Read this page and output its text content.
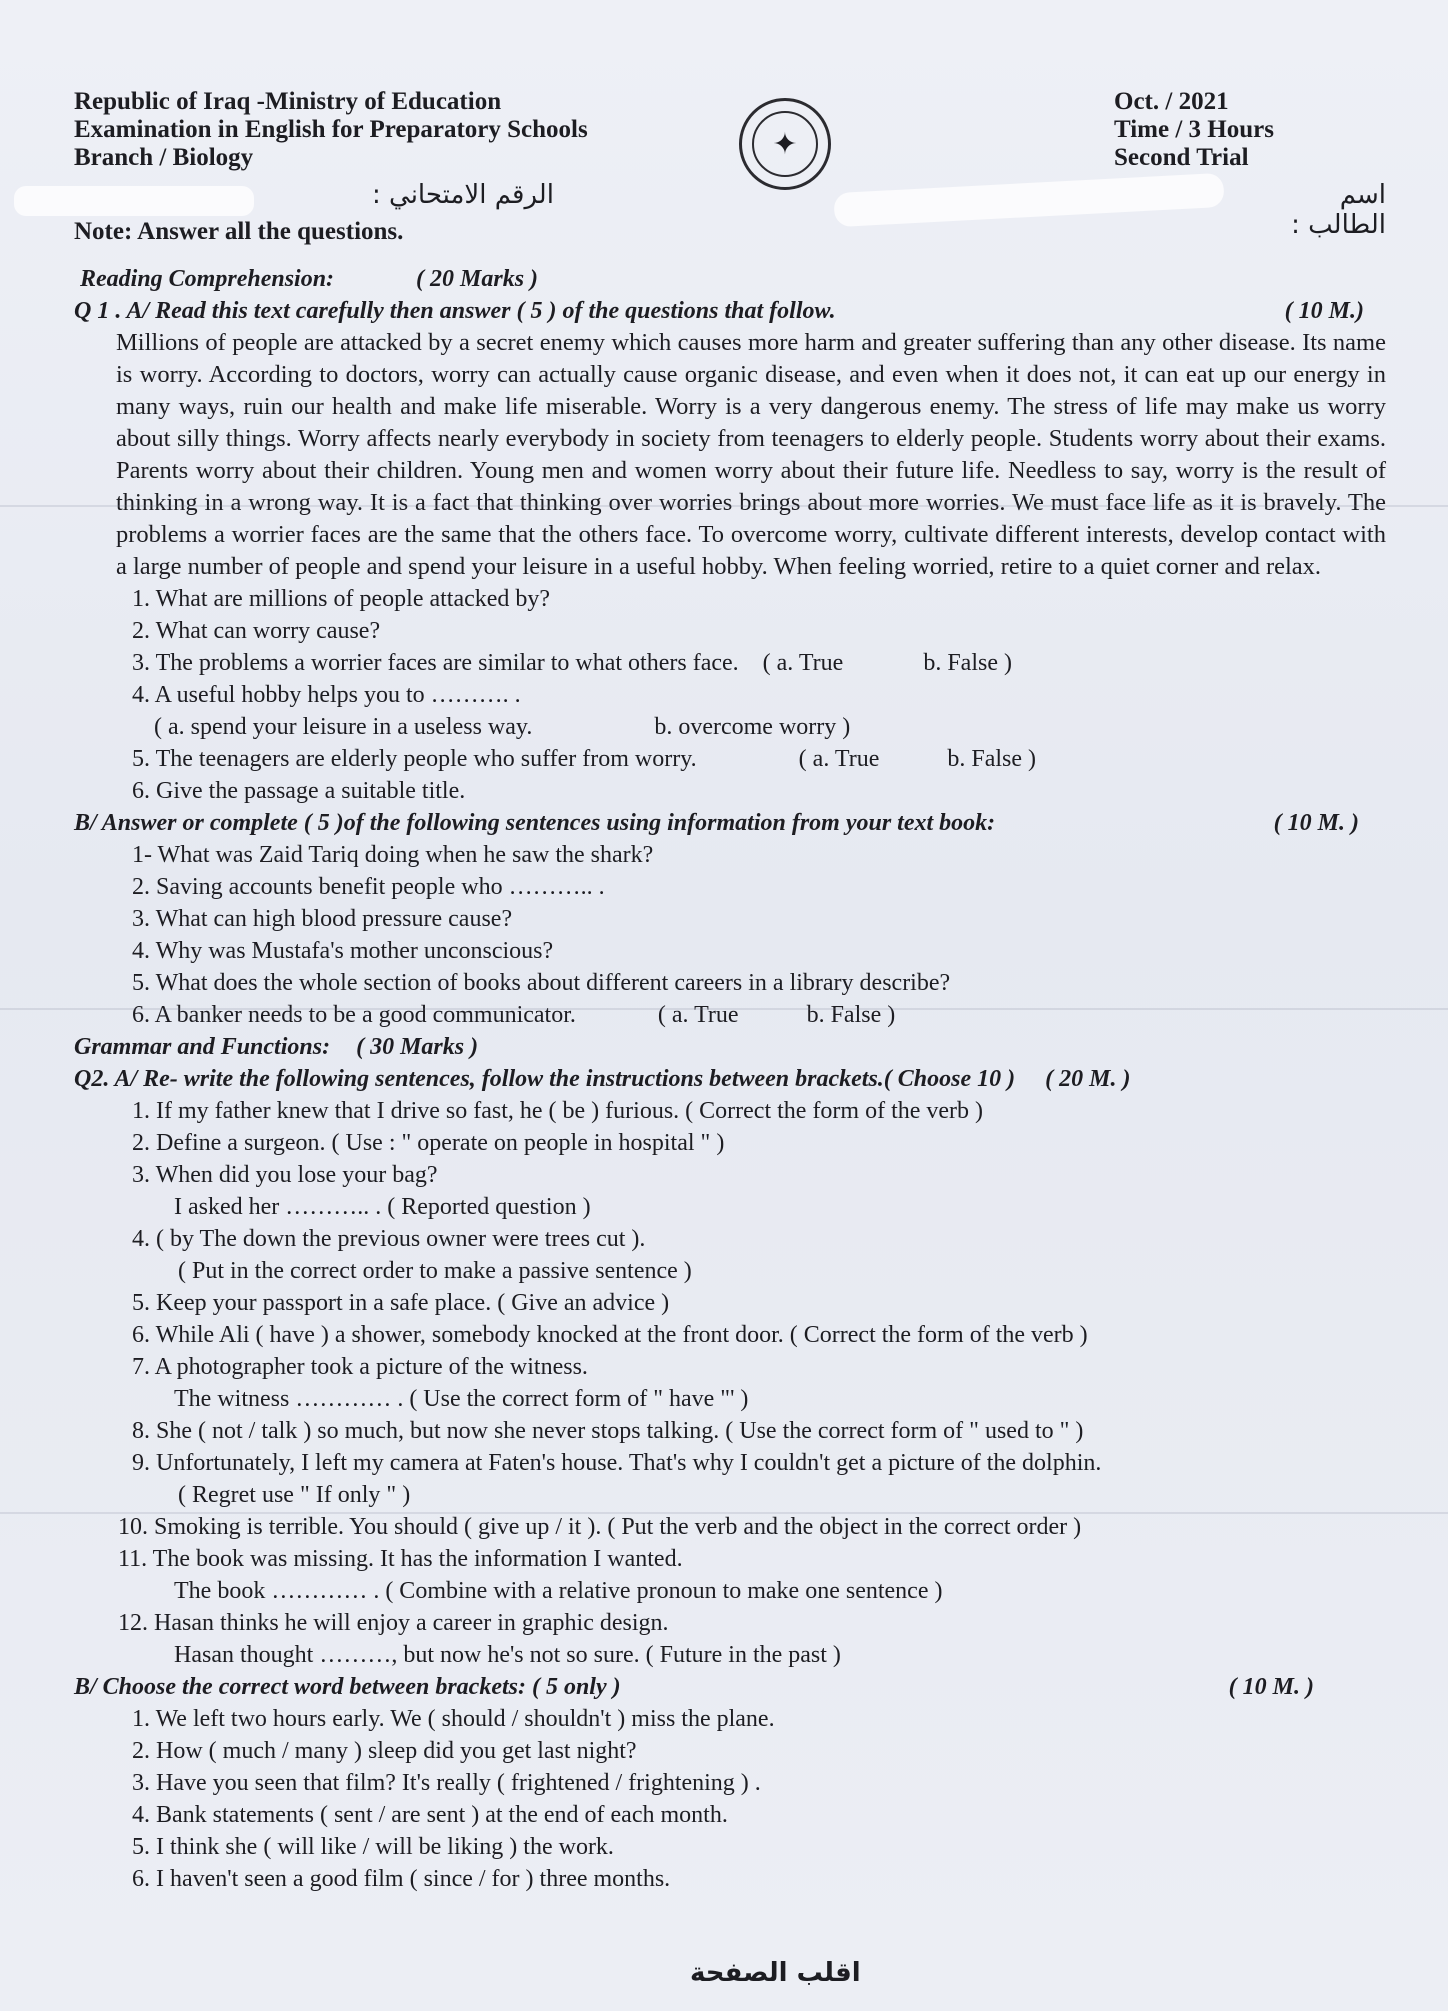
Republic of Iraq -Ministry of Education
Examination in English for Preparatory Schools
Branch / Biology	✦
Oct. / 2021
Time / 3 Hours
Second Trial
الرقم الامتحاني :	اسم الطالب :
Note: Answer all the questions.
Reading Comprehension:	( 20 Marks )
Q 1 . A/ Read this text carefully then answer ( 5 ) of the questions that follow.	( 10 M.)
Millions of people are attacked by a secret enemy which causes more harm and greater suffering than any other disease. Its name is worry. According to doctors, worry can actually cause organic disease, and even when it does not, it can eat up our energy in many ways, ruin our health and make life miserable. Worry is a very dangerous enemy. The stress of life may make us worry about silly things. Worry affects nearly everybody in society from teenagers to elderly people. Students worry about their exams. Parents worry about their children. Young men and women worry about their future life. Needless to say, worry is the result of thinking in a wrong way. It is a fact that thinking over worries brings about more worries. We must face life as it is bravely. The problems a worrier faces are the same that the others face. To overcome worry, cultivate different interests, develop contact with a large number of people and spend your leisure in a useful hobby. When feeling worried, retire to a quiet corner and relax.
1. What are millions of people attacked by?
2. What can worry cause?
3. The problems a worrier faces are similar to what others face. ( a. True	b. False )
4. A useful hobby helps you to ………. .
( a. spend your leisure in a useless way.	b. overcome worry )
5. The teenagers are elderly people who suffer from worry.	( a. True	b. False )
6. Give the passage a suitable title.
B/ Answer or complete ( 5 )of the following sentences using information from your text book:	( 10 M. )
1- What was Zaid Tariq doing when he saw the shark?
2. Saving accounts benefit people who ……….. .
3. What can high blood pressure cause?
4. Why was Mustafa's mother unconscious?
5. What does the whole section of books about different careers in a library describe?
6. A banker needs to be a good communicator.	( a. True	b. False )
Grammar and Functions: ( 30 Marks )
Q2. A/ Re- write the following sentences, follow the instructions between brackets.( Choose 10 ) ( 20 M. )
1. If my father knew that I drive so fast, he ( be ) furious. ( Correct the form of the verb )
2. Define a surgeon. ( Use : " operate on people in hospital " )
3. When did you lose your bag?
I asked her ……….. . ( Reported question )
4. ( by The down the previous owner were trees cut ).
( Put in the correct order to make a passive sentence )
5. Keep your passport in a safe place. ( Give an advice )
6. While Ali ( have ) a shower, somebody knocked at the front door. ( Correct the form of the verb )
7. A photographer took a picture of the witness.
The witness ………… . ( Use the correct form of " have "' )
8. She ( not / talk ) so much, but now she never stops talking. ( Use the correct form of " used to " )
9. Unfortunately, I left my camera at Faten's house. That's why I couldn't get a picture of the dolphin.
( Regret use " If only " )
10. Smoking is terrible. You should ( give up / it ). ( Put the verb and the object in the correct order )
11. The book was missing. It has the information I wanted.
The book ………… . ( Combine with a relative pronoun to make one sentence )
12. Hasan thinks he will enjoy a career in graphic design.
Hasan thought ………, but now he's not so sure. ( Future in the past )
B/ Choose the correct word between brackets: ( 5 only )	( 10 M. )
1. We left two hours early. We ( should / shouldn't ) miss the plane.
2. How ( much / many ) sleep did you get last night?
3. Have you seen that film? It's really ( frightened / frightening ) .
4. Bank statements ( sent / are sent ) at the end of each month.
5. I think she ( will like / will be liking ) the work.
6. I haven't seen a good film ( since / for ) three months.
اقلب الصفحة
